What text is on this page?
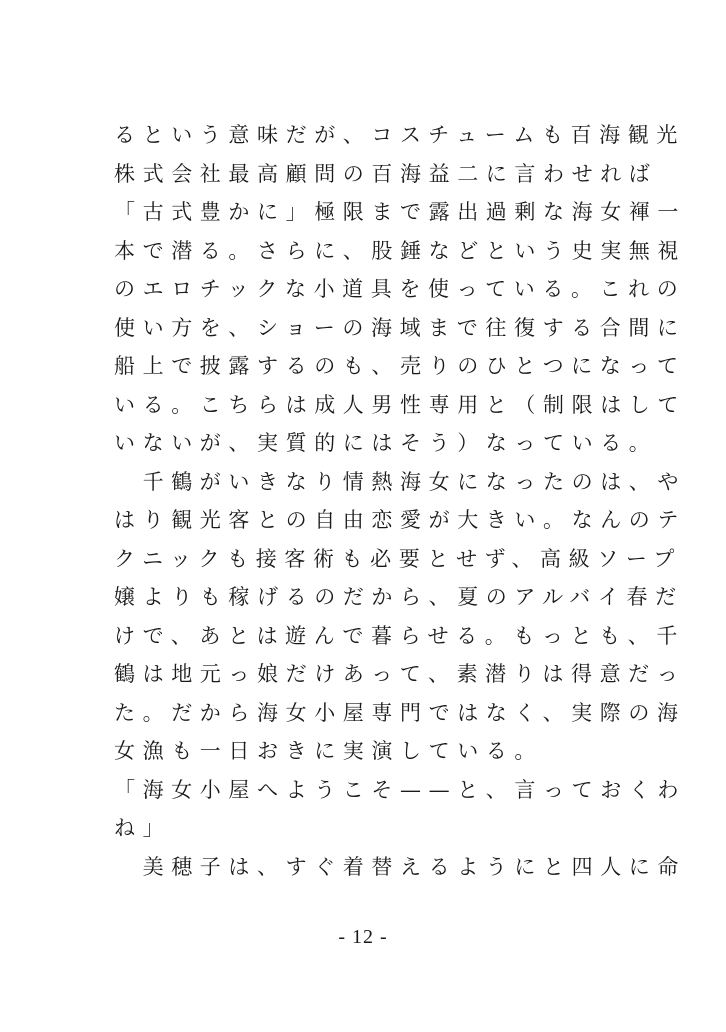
るという意味だが、コスチュームも百海観光
株式会社最高顧問の百海益二に言わせれば
「古式豊かに」極限まで露出過剰な海女褌一
本で潜る。さらに、股錘などという史実無視
のエロチックな小道具を使っている。これの
使い方を、ショーの海域まで往復する合間に
船上で披露するのも、売りのひとつになって
いる。こちらは成人男性専用と（制限はして
いないが、実質的にはそう）なっている。
　千鶴がいきなり情熱海女になったのは、や
はり観光客との自由恋愛が大きい。なんのテ
クニックも接客術も必要とせず、高級ソープ
嬢よりも稼げるのだから、夏のアルバイ春だ
けで、あとは遊んで暮らせる。もっとも、千
鶴は地元っ娘だけあって、素潜りは得意だっ
た。だから海女小屋専門ではなく、実際の海
女漁も一日おきに実演している。
「海女小屋へようこそ——と、言っておくわ
ね」
　美穂子は、すぐ着替えるようにと四人に命
- 12 -
